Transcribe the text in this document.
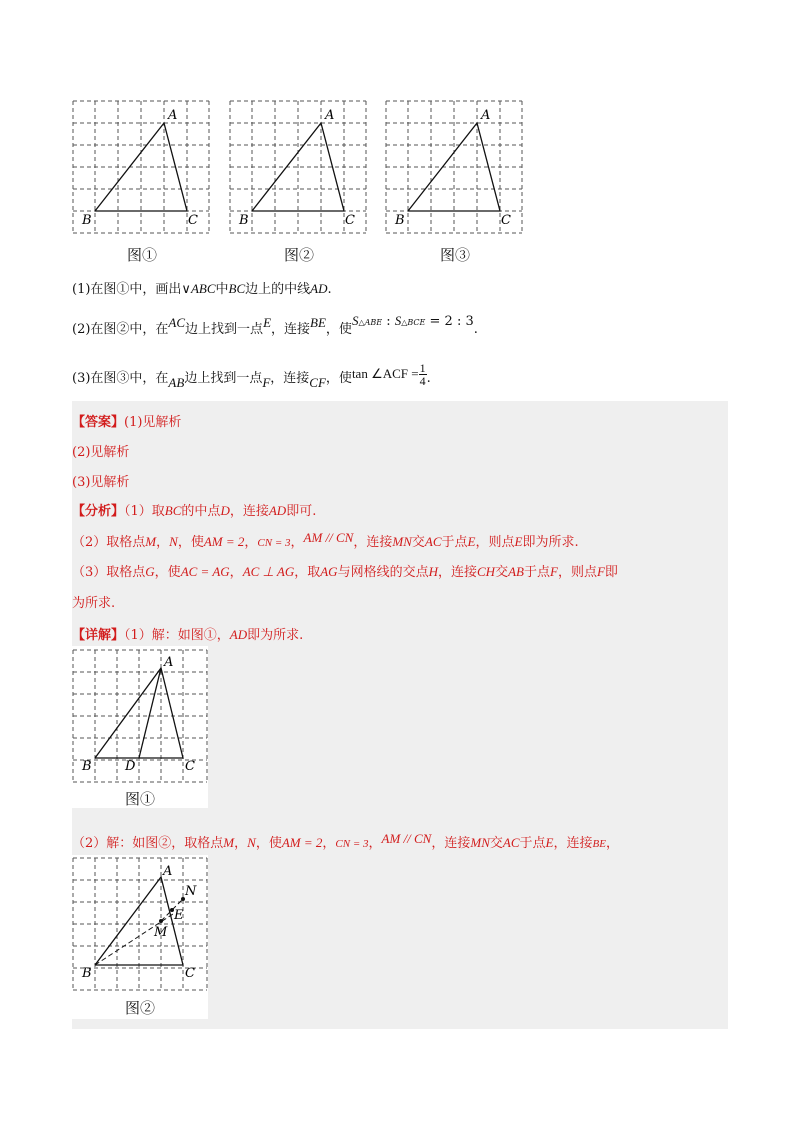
A
B	C
图①
A
B	C
图②
A
B	C
图③
(1)在图①中，画出∨ABC中BC边上的中线AD.
(2)在图②中，在AC边上找到一点E，连接BE，使S△ABE : S△BCE = 2 : 3.
(3)在图③中，在AB边上找到一点F，连接CF，使tan ∠ACF = $\frac{1}{4}$ .
【答案】(1)见解析
(2)见解析
(3)见解析
【分析】（1）取BC的中点D，连接AD即可.
（2）取格点M，N，使AM = 2，CN = 3，AM // CN，连接MN交AC于点E，则点E即为所求.
（3）取格点G，使AC = AG，AC ⊥ AG，取AG与网格线的交点H，连接CH交AB于点F，则点F即
为所求.
【详解】（1）解：如图①，AD即为所求.
A
B	D	C
图①
（2）解：如图②，取格点M，N，使AM = 2，CN = 3，AM // CN，连接MN交AC于点E，连接BE，
A
N
E
M
B	C
图②
